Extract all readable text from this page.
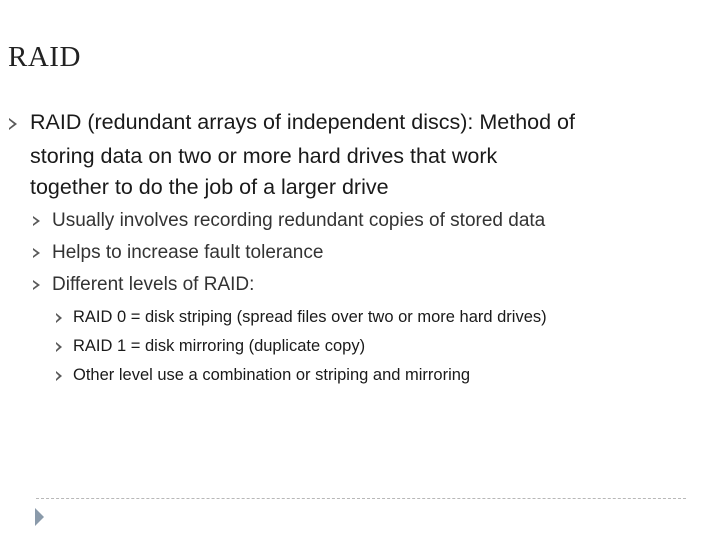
RAID
RAID (redundant arrays of independent discs): Method of
storing data on two or more hard drives that work
together to do the job of a larger drive
Usually involves recording redundant copies of stored data
Helps to increase fault tolerance
Different levels of RAID:
RAID 0 = disk striping (spread files over two or more hard drives)
RAID 1 = disk mirroring (duplicate copy)
Other level use a combination or striping and mirroring
